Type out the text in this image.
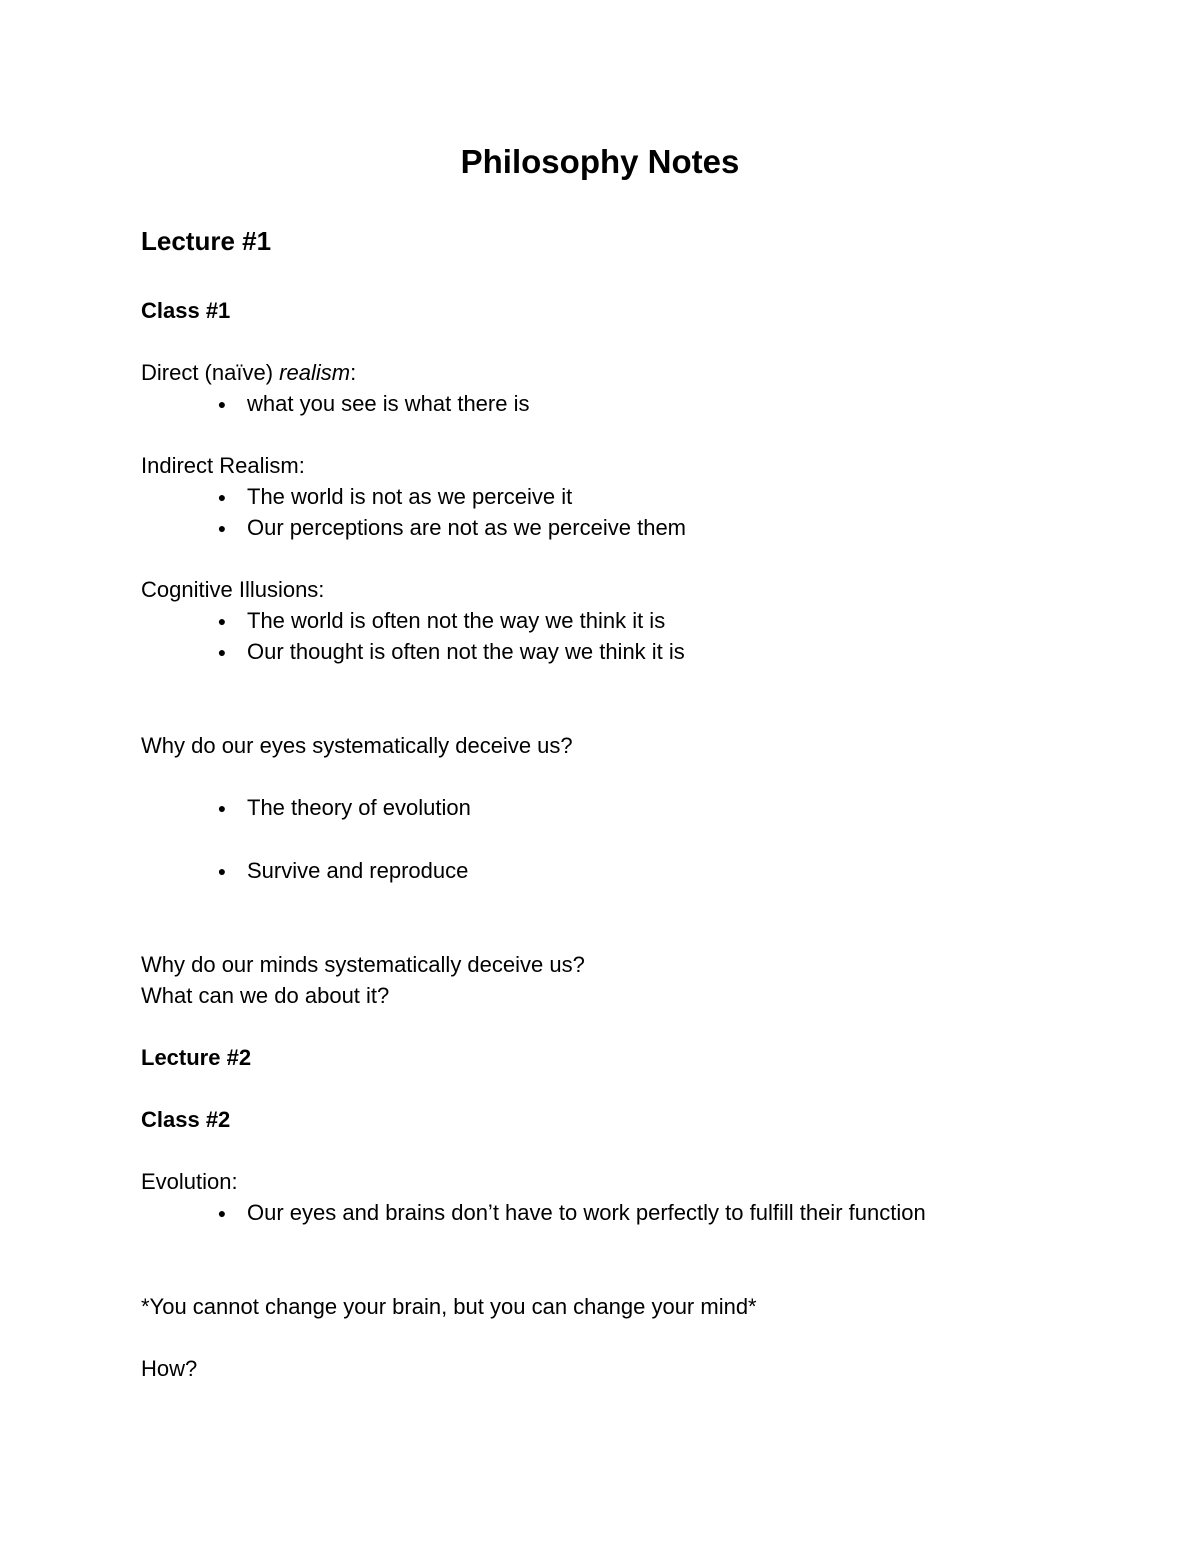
Philosophy Notes
Lecture #1
Class #1
Direct (naïve) realism:
● what you see is what there is
Indirect Realism:
● The world is not as we perceive it
● Our perceptions are not as we perceive them
Cognitive Illusions:
● The world is often not the way we think it is
● Our thought is often not the way we think it is
Why do our eyes systematically deceive us?
● The theory of evolution
● Survive and reproduce
Why do our minds systematically deceive us?
What can we do about it?
Lecture #2
Class #2
Evolution:
● Our eyes and brains don’t have to work perfectly to fulfill their function
*You cannot change your brain, but you can change your mind*
How?
